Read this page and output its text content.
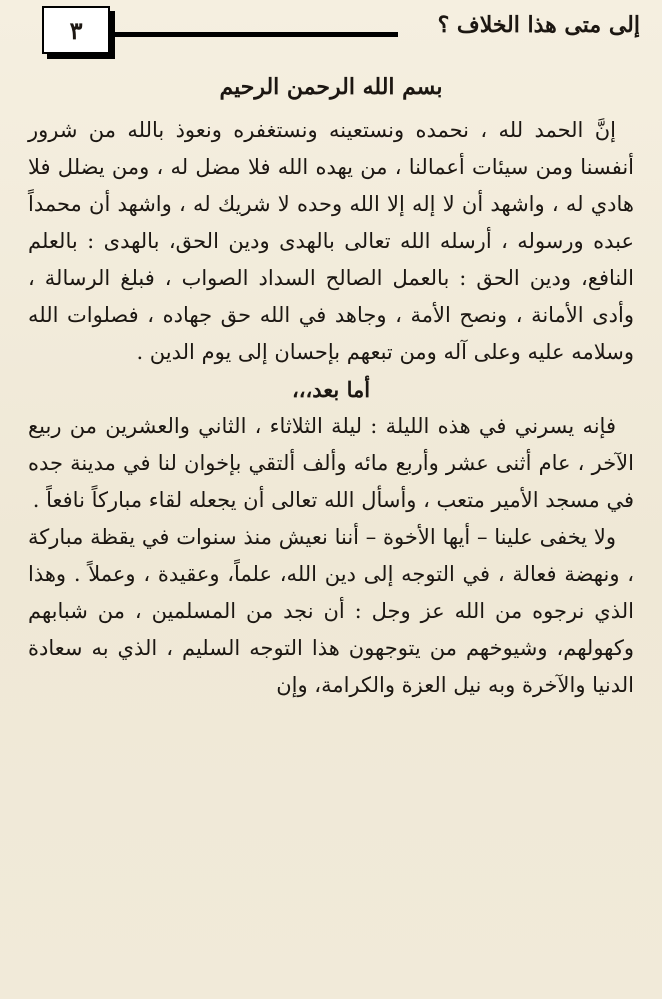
إلى متى هذا الخلاف ؟
٣
بسم الله الرحمن الرحيم

إنَّ الحمد لله ، نحمده ونستعينه ونستغفره ونعوذ بالله من شرور أنفسنا ومن سيئات أعمالنا ، من يهده الله فلا مضل له ، ومن يضلل فلا هادي له ، واشهد أن لا إله إلا الله وحده لا شريك له ، واشهد أن محمداً عبده ورسوله ، أرسله الله تعالى بالهدى ودين الحق، بالهدى : بالعلم النافع، ودين الحق : بالعمل الصالح السداد الصواب ، فبلغ الرسالة ، وأدى الأمانة ، ونصح الأمة ، وجاهد في الله حق جهاده ، فصلوات الله وسلامه عليه وعلى آله ومن تبعهم بإحسان إلى يوم الدين .

أما بعد،،،

فإنه يسرني في هذه الليلة : ليلة الثلاثاء ، الثاني والعشرين من ربيع الآخر ، عام أثنى عشر وأربع مائه وألف ألتقي بإخوان لنا في مدينة جده في مسجد الأمير متعب ، وأسأل الله تعالى أن يجعله لقاء مباركاً نافعاً .

ولا يخفى علينا – أيها الأخوة – أننا نعيش منذ سنوات في يقظة مباركة ، ونهضة فعالة ، في التوجه إلى دين الله، علماً، وعقيدة ، وعملاً . وهذا الذي نرجوه من الله عز وجل : أن نجد من المسلمين ، من شبابهم وكهولهم، وشيوخهم من يتوجهون هذا التوجه السليم ، الذي به سعادة الدنيا والآخرة وبه نيل العزة والكرامة، وإن
